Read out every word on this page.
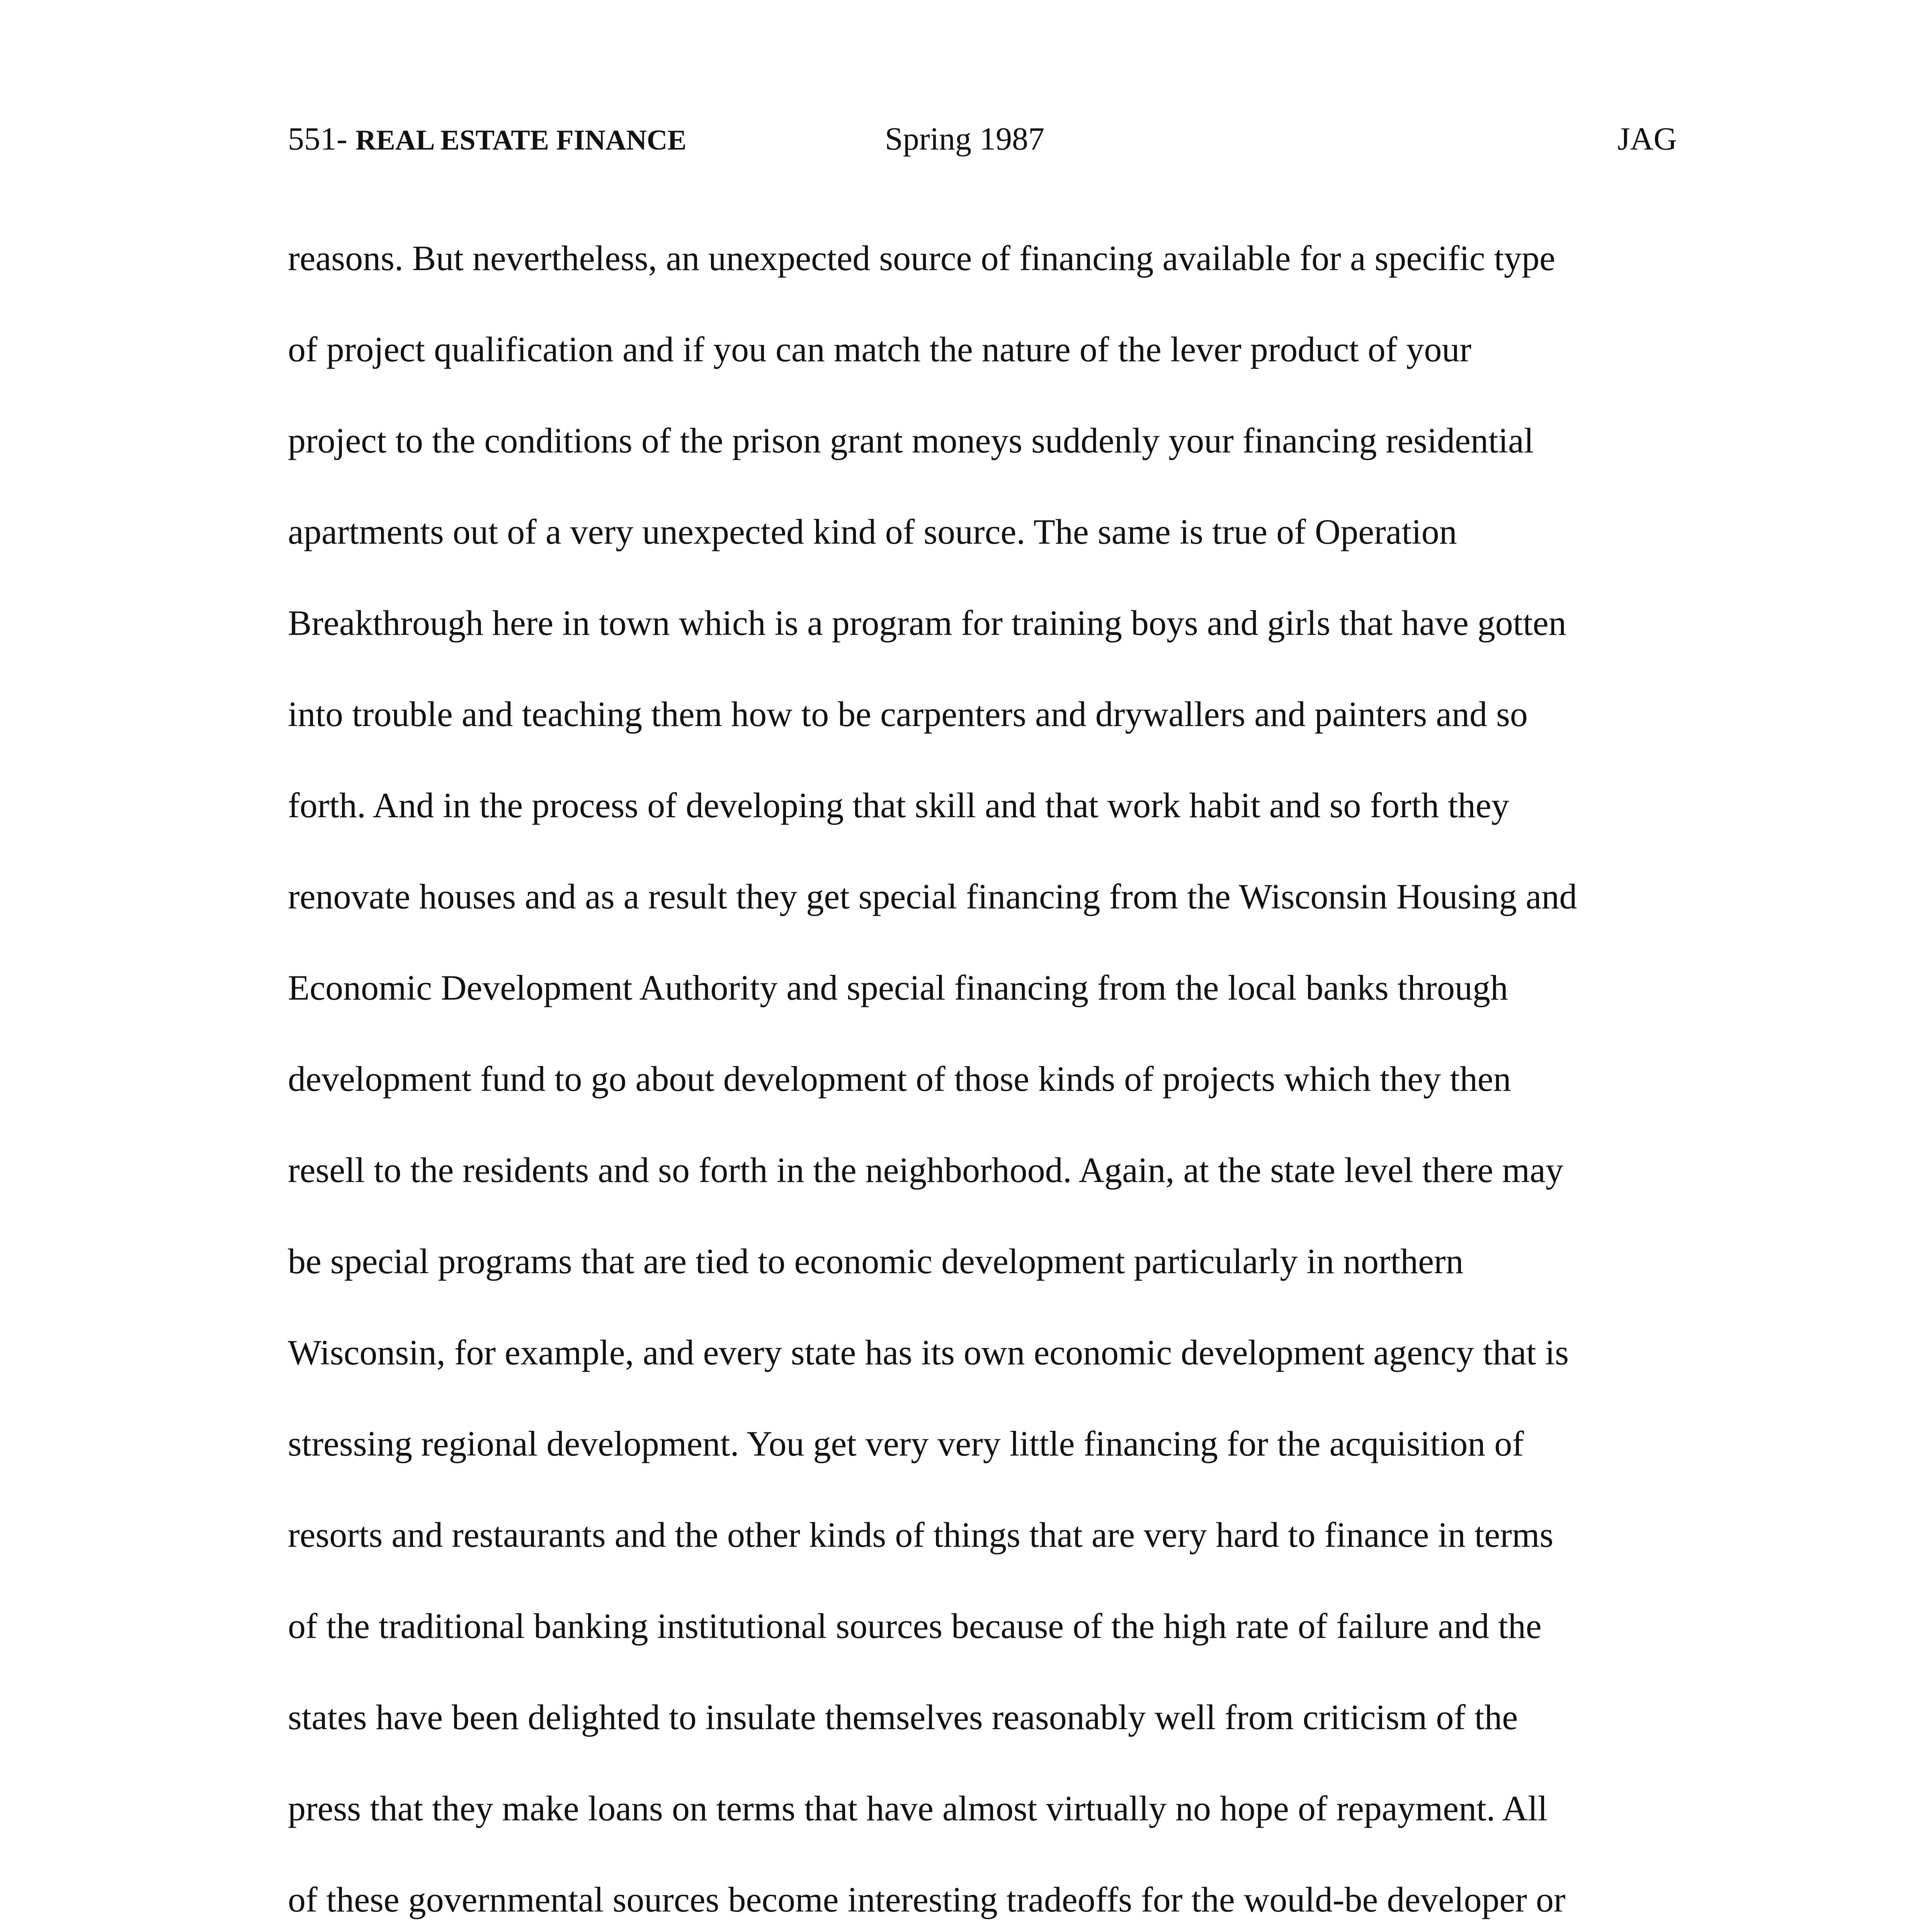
551- REAL ESTATE FINANCE	Spring 1987	JAG
reasons. But nevertheless, an unexpected source of financing available for a specific type
of project qualification and if you can match the nature of the lever product of your
project to the conditions of the prison grant moneys suddenly your financing residential
apartments out of a very unexpected kind of source. The same is true of Operation
Breakthrough here in town which is a program for training boys and girls that have gotten
into trouble and teaching them how to be carpenters and drywallers and painters and so
forth. And in the process of developing that skill and that work habit and so forth they
renovate houses and as a result they get special financing from the Wisconsin Housing and
Economic Development Authority and special financing from the local banks through
development fund to go about development of those kinds of projects which they then
resell to the residents and so forth in the neighborhood. Again, at the state level there may
be special programs that are tied to economic development particularly in northern
Wisconsin, for example, and every state has its own economic development agency that is
stressing regional development. You get very very little financing for the acquisition of
resorts and restaurants and the other kinds of things that are very hard to finance in terms
of the traditional banking institutional sources because of the high rate of failure and the
states have been delighted to insulate themselves reasonably well from criticism of the
press that they make loans on terms that have almost virtually no hope of repayment. All
of these governmental sources become interesting tradeoffs for the would-be developer or
